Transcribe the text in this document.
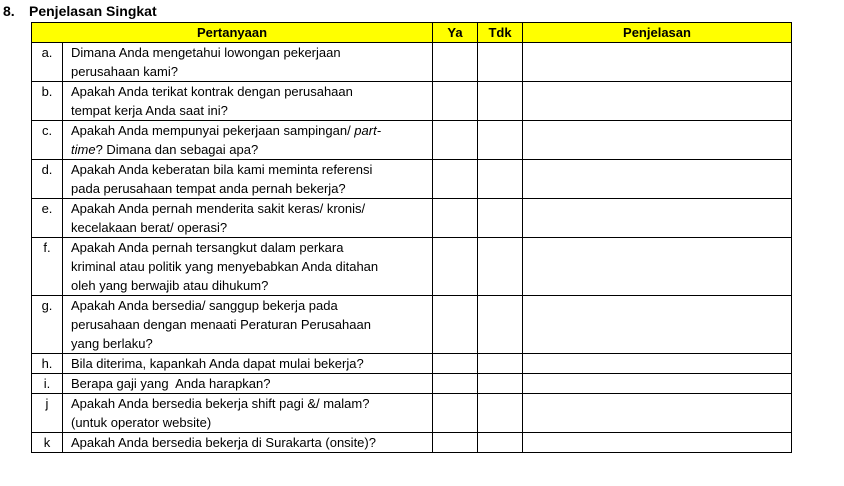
8. Penjelasan Singkat
Pertanyaan		Ya	Tdk	Penjelasan
a.	Dimana Anda mengetahui lowongan pekerjaan
perusahaan kami?			

b.	Apakah Anda terikat kontrak dengan perusahaan
tempat kerja Anda saat ini?			

c.	Apakah Anda mempunyai pekerjaan sampingan/ part-
time? Dimana dan sebagai apa?			

d.	Apakah Anda keberatan bila kami meminta referensi
pada perusahaan tempat anda pernah bekerja?			

e.	Apakah Anda pernah menderita sakit keras/ kronis/
kecelakaan berat/ operasi?			

f.	Apakah Anda pernah tersangkut dalam perkara
kriminal atau politik yang menyebabkan Anda ditahan
oleh yang berwajib atau dihukum?			

g.	Apakah Anda bersedia/ sanggup bekerja pada
perusahaan dengan menaati Peraturan Perusahaan
yang berlaku?			

h.	Bila diterima, kapankah Anda dapat mulai bekerja?			

i.	Berapa gaji yang  Anda harapkan?			

j	Apakah Anda bersedia bekerja shift pagi &/ malam?
(untuk operator website)			

k	Apakah Anda bersedia bekerja di Surakarta (onsite)?			
